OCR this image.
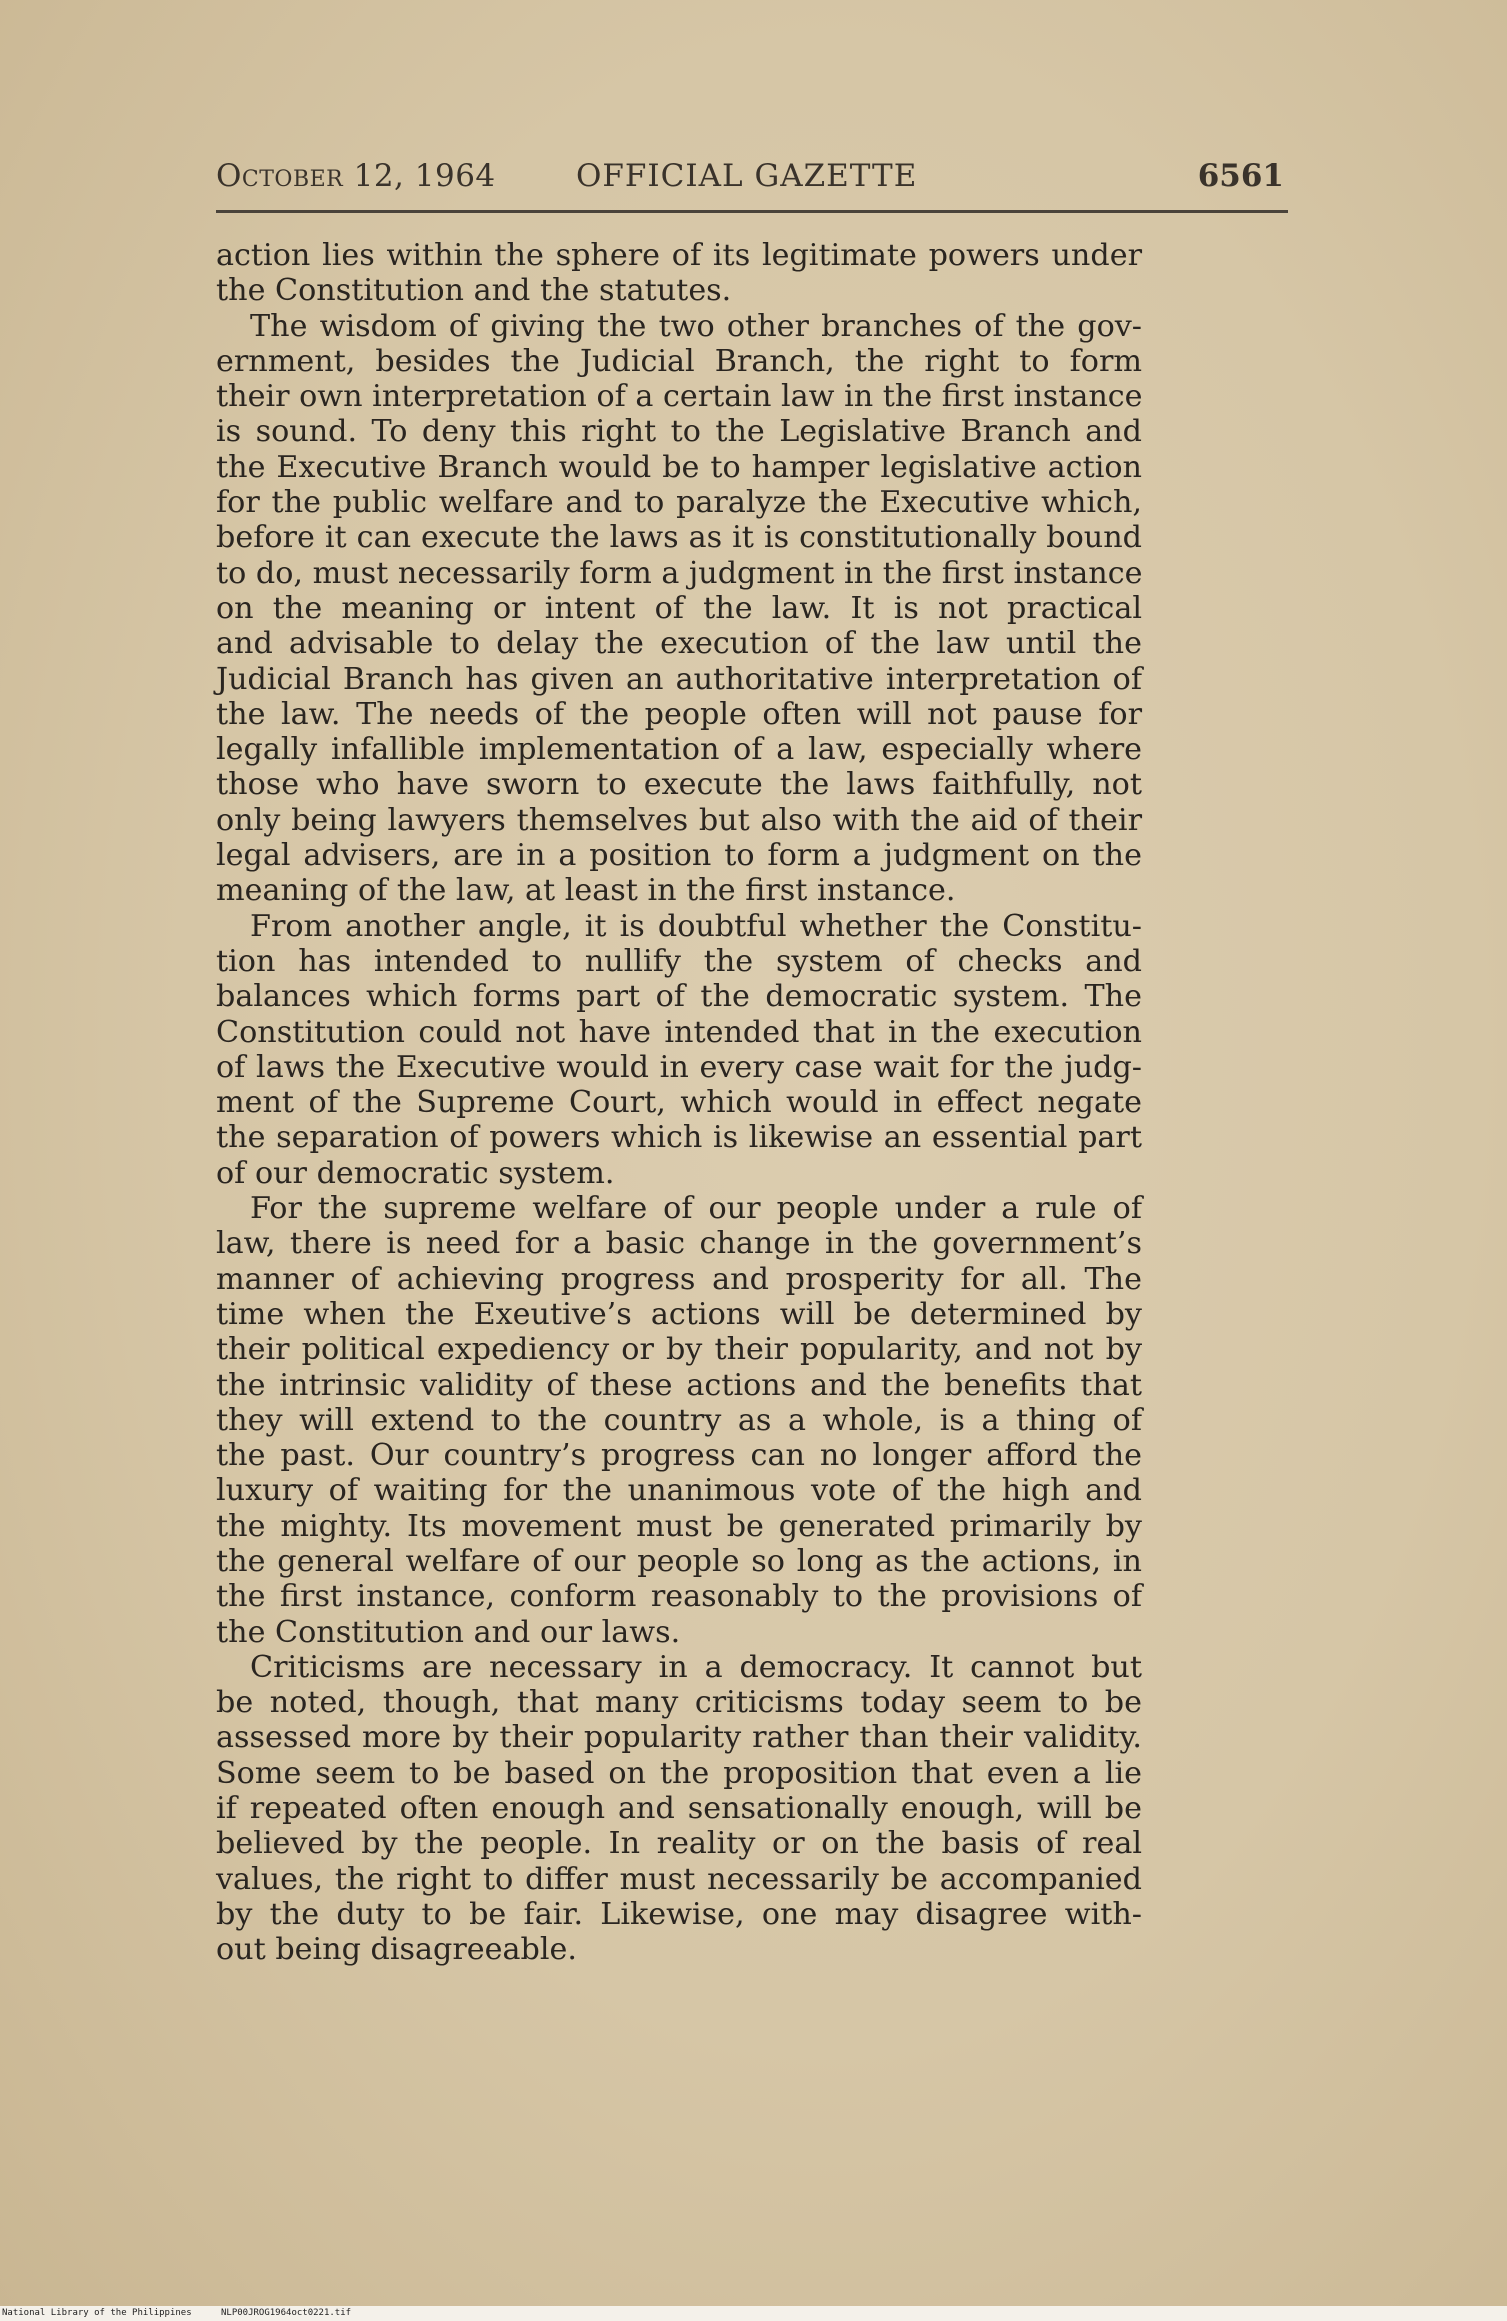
October 12, 1964	OFFICIAL GAZETTE	6561
action lies within the sphere of its legitimate powers under
the Constitution and the statutes.
The wisdom of giving the two other branches of the gov-
ernment, besides the Judicial Branch, the right to form
their own interpretation of a certain law in the first instance
is sound. To deny this right to the Legislative Branch and
the Executive Branch would be to hamper legislative action
for the public welfare and to paralyze the Executive which,
before it can execute the laws as it is constitutionally bound
to do, must necessarily form a judgment in the first instance
on the meaning or intent of the law. It is not practical
and advisable to delay the execution of the law until the
Judicial Branch has given an authoritative interpretation of
the law. The needs of the people often will not pause for
legally infallible implementation of a law, especially where
those who have sworn to execute the laws faithfully, not
only being lawyers themselves but also with the aid of their
legal advisers, are in a position to form a judgment on the
meaning of the law, at least in the first instance.
From another angle, it is doubtful whether the Constitu-
tion has intended to nullify the system of checks and
balances which forms part of the democratic system. The
Constitution could not have intended that in the execution
of laws the Executive would in every case wait for the judg-
ment of the Supreme Court, which would in effect negate
the separation of powers which is likewise an essential part
of our democratic system.
For the supreme welfare of our people under a rule of
law, there is need for a basic change in the government’s
manner of achieving progress and prosperity for all. The
time when the Exeutive’s actions will be determined by
their political expediency or by their popularity, and not by
the intrinsic validity of these actions and the benefits that
they will extend to the country as a whole, is a thing of
the past. Our country’s progress can no longer afford the
luxury of waiting for the unanimous vote of the high and
the mighty. Its movement must be generated primarily by
the general welfare of our people so long as the actions, in
the first instance, conform reasonably to the provisions of
the Constitution and our laws.
Criticisms are necessary in a democracy. It cannot but
be noted, though, that many criticisms today seem to be
assessed more by their popularity rather than their validity.
Some seem to be based on the proposition that even a lie
if repeated often enough and sensationally enough, will be
believed by the people. In reality or on the basis of real
values, the right to differ must necessarily be accompanied
by the duty to be fair. Likewise, one may disagree with-
out being disagreeable.
National Library of the Philippines	NLP00JROG1964oct0221.tif
